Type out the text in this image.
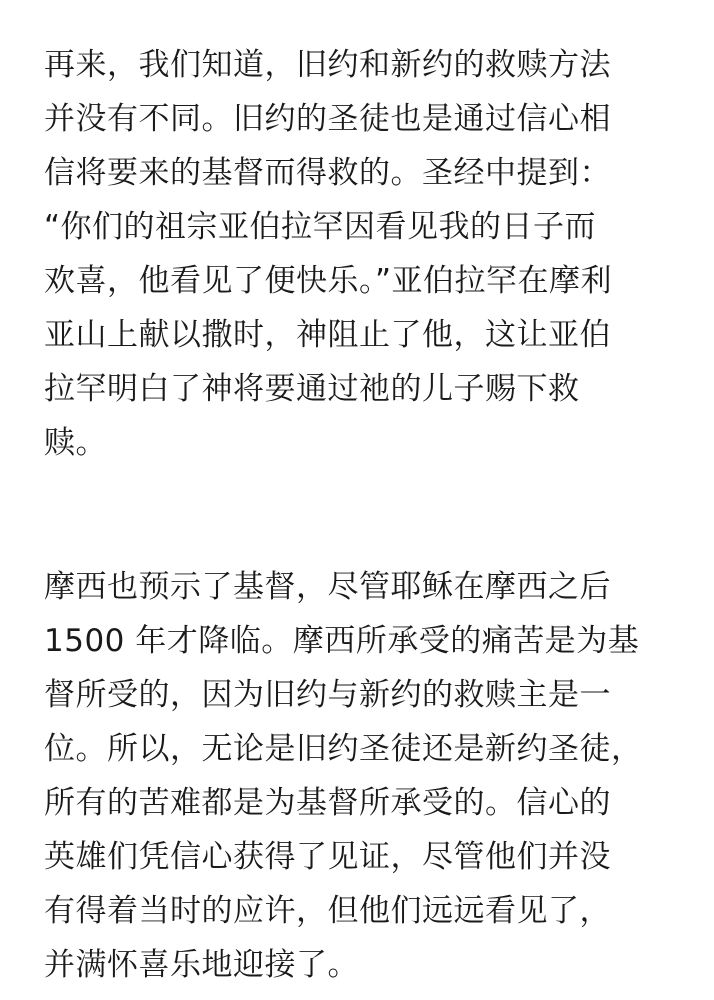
再来，我们知道，旧约和新约的救赎方法
并没有不同。旧约的圣徒也是通过信心相
信将要来的基督而得救的。圣经中提到：
“你们的祖宗亚伯拉罕因看见我的日子而
欢喜，他看见了便快乐。”亚伯拉罕在摩利
亚山上献以撒时，神阻止了他，这让亚伯
拉罕明白了神将要通过祂的儿子赐下救
赎。

摩西也预示了基督，尽管耶稣在摩西之后
1500 年才降临。摩西所承受的痛苦是为基
督所受的，因为旧约与新约的救赎主是一
位。所以，无论是旧约圣徒还是新约圣徒，
所有的苦难都是为基督所承受的。信心的
英雄们凭信心获得了见证，尽管他们并没
有得着当时的应许，但他们远远看见了，
并满怀喜乐地迎接了。
